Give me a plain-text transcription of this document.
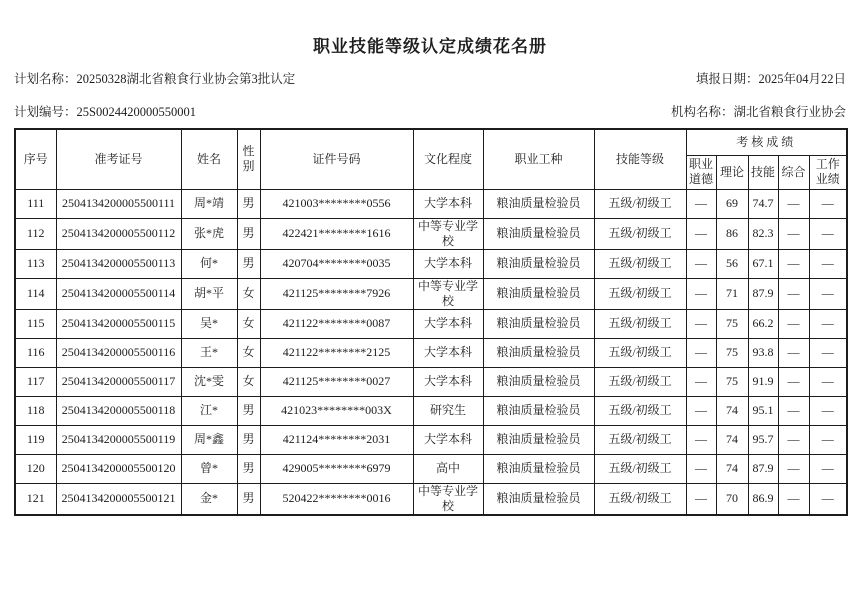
职业技能等级认定成绩花名册
计划名称：20250328湖北省粮食行业协会第3批认定	填报日期：2025年04月22日
计划编号：25S0024420000550001	机构名称：湖北省粮食行业协会
序号	准考证号	姓名	性别	证件号码	文化程度	职业工种	技能等级	考核成绩				
								职业道德	理论	技能	综合	工作业绩
111	2504134200005500111	周*靖	男	421003********0556	大学本科	粮油质量检验员	五级/初级工	—	69	74.7	—	—
112	2504134200005500112	张*虎	男	422421********1616	中等专业学校	粮油质量检验员	五级/初级工	—	86	82.3	—	—
113	2504134200005500113	何*	男	420704********0035	大学本科	粮油质量检验员	五级/初级工	—	56	67.1	—	—
114	2504134200005500114	胡*平	女	421125********7926	中等专业学校	粮油质量检验员	五级/初级工	—	71	87.9	—	—
115	2504134200005500115	吴*	女	421122********0087	大学本科	粮油质量检验员	五级/初级工	—	75	66.2	—	—
116	2504134200005500116	王*	女	421122********2125	大学本科	粮油质量检验员	五级/初级工	—	75	93.8	—	—
117	2504134200005500117	沈*雯	女	421125********0027	大学本科	粮油质量检验员	五级/初级工	—	75	91.9	—	—
118	2504134200005500118	江*	男	421023********003X	研究生	粮油质量检验员	五级/初级工	—	74	95.1	—	—
119	2504134200005500119	周*鑫	男	421124********2031	大学本科	粮油质量检验员	五级/初级工	—	74	95.7	—	—
120	2504134200005500120	曾*	男	429005********6979	高中	粮油质量检验员	五级/初级工	—	74	87.9	—	—
121	2504134200005500121	金*	男	520422********0016	中等专业学校	粮油质量检验员	五级/初级工	—	70	86.9	—	—
